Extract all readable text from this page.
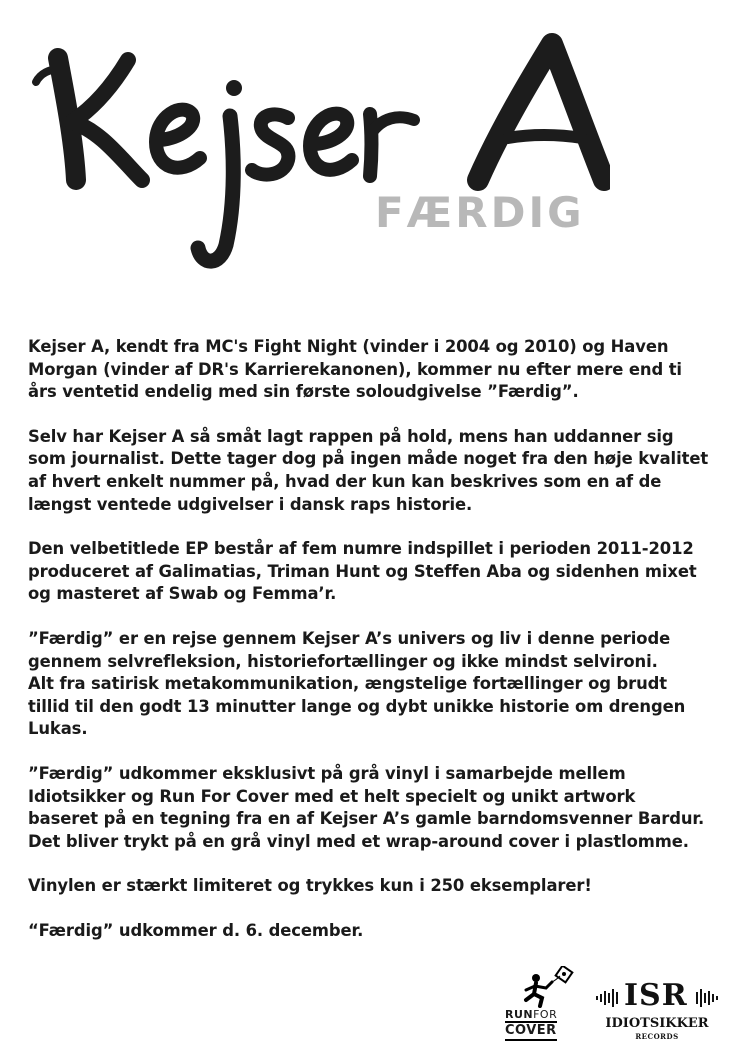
FÆRDIG

Kejser A, kendt fra MC's Fight Night (vinder i 2004 og 2010) og Haven
Morgan (vinder af DR's Karrierekanonen), kommer nu efter mere end ti
års ventetid endelig med sin første soloudgivelse ”Færdig”.

Selv har Kejser A så småt lagt rappen på hold, mens han uddanner sig
som journalist. Dette tager dog på ingen måde noget fra den høje kvalitet
af hvert enkelt nummer på, hvad der kun kan beskrives som en af de
længst ventede udgivelser i dansk raps historie.

Den velbetitlede EP består af fem numre indspillet i perioden 2011-2012
produceret af Galimatias, Triman Hunt og Steffen Aba og sidenhen mixet
og masteret af Swab og Femma’r.

”Færdig” er en rejse gennem Kejser A’s univers og liv i denne periode
gennem selvrefleksion, historiefortællinger og ikke mindst selvironi.
Alt fra satirisk metakommunikation, ængstelige fortællinger og brudt
tillid til den godt 13 minutter lange og dybt unikke historie om drengen
Lukas.

”Færdig” udkommer eksklusivt på grå vinyl i samarbejde mellem
Idiotsikker og Run For Cover med et helt specielt og unikt artwork
baseret på en tegning fra en af Kejser A’s gamle barndomsvenner Bardur.
Det bliver trykt på en grå vinyl med et wrap-around cover i plastlomme.

Vinylen er stærkt limiteret og trykkes kun i 250 eksemplarer!

“Færdig” udkommer d. 6. december.

RUNFOR
COVER
ISR
IDIOTSIKKER
RECORDS
